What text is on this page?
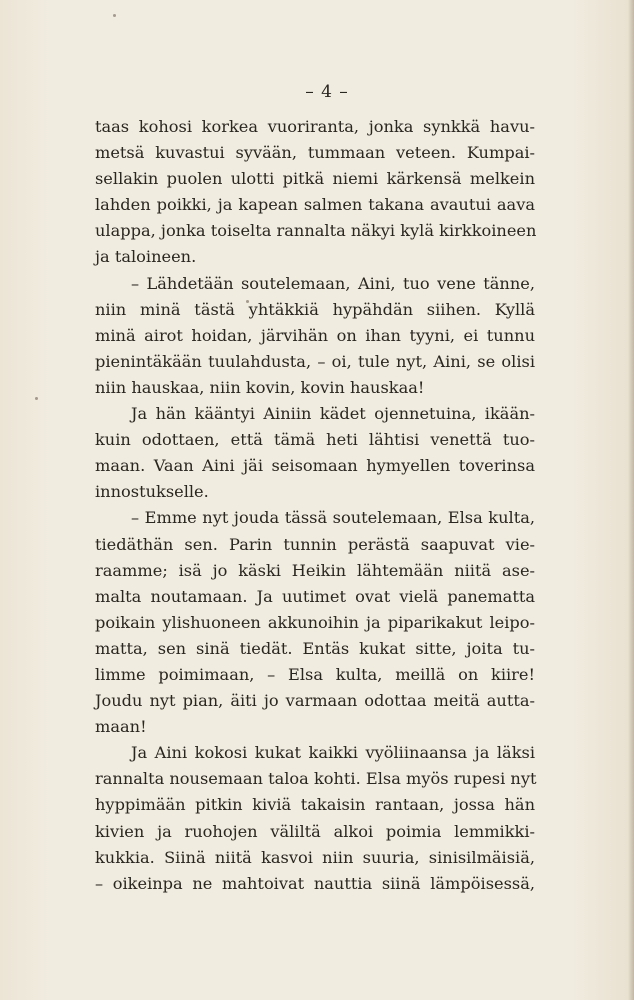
– 4 –
taas kohosi korkea vuoriranta, jonka synkkä havu-
metsä kuvastui syvään, tummaan veteen. Kumpai-
sellakin puolen ulotti pitkä niemi kärkensä melkein
lahden poikki, ja kapean salmen takana avautui aava
ulappa, jonka toiselta rannalta näkyi kylä kirkkoineen
ja taloineen.
– Lähdetään soutelemaan, Aini, tuo vene tänne,
niin minä tästä yhtäkkiä hypähdän siihen. Kyllä
minä airot hoidan, järvihän on ihan tyyni, ei tunnu
pienintäkään tuulahdusta, – oi, tule nyt, Aini, se olisi
niin hauskaa, niin kovin, kovin hauskaa!
Ja hän kääntyi Ainiin kädet ojennetuina, ikään-
kuin odottaen, että tämä heti lähtisi venettä tuo-
maan. Vaan Aini jäi seisomaan hymyellen toverinsa
innostukselle.
– Emme nyt jouda tässä soutelemaan, Elsa kulta,
tiedäthän sen. Parin tunnin perästä saapuvat vie-
raamme; isä jo käski Heikin lähtemään niitä ase-
malta noutamaan. Ja uutimet ovat vielä panematta
poikain ylishuoneen akkunoihin ja piparikakut leipo-
matta, sen sinä tiedät. Entäs kukat sitte, joita tu-
limme poimimaan, – Elsa kulta, meillä on kiire!
Joudu nyt pian, äiti jo varmaan odottaa meitä autta-
maan!
Ja Aini kokosi kukat kaikki vyöliinaansa ja läksi
rannalta nousemaan taloa kohti. Elsa myös rupesi nyt
hyppimään pitkin kiviä takaisin rantaan, jossa hän
kivien ja ruohojen väliltä alkoi poimia lemmikki-
kukkia. Siinä niitä kasvoi niin suuria, sinisilmäisiä,
– oikeinpa ne mahtoivat nauttia siinä lämpöisessä,
